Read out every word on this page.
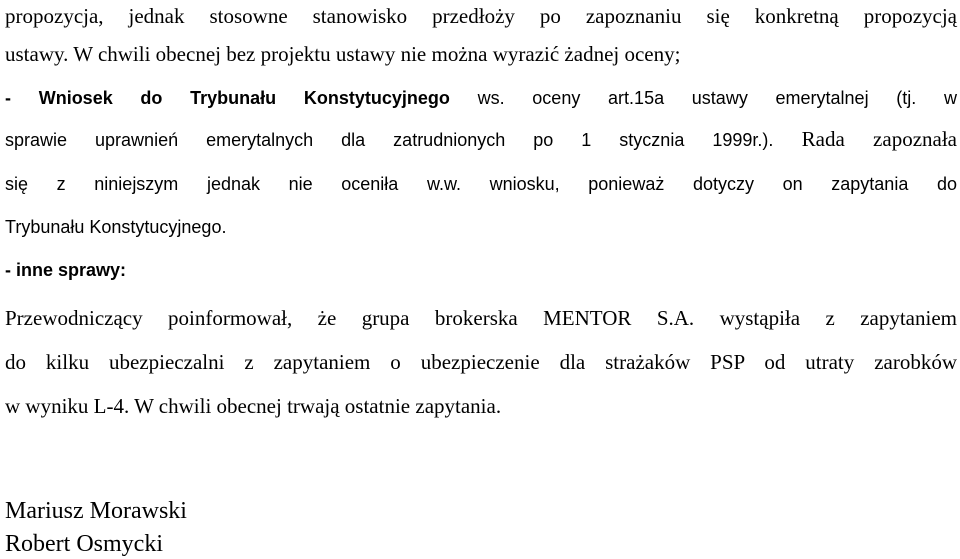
propozycja, jednak stosowne stanowisko przedłoży po zapoznaniu się konkretną propozycją
ustawy. W chwili obecnej bez projektu ustawy nie można wyrazić żadnej oceny;
- Wniosek do Trybunału Konstytucyjnego ws. oceny art.15a ustawy emerytalnej (tj. w
sprawie uprawnień emerytalnych dla zatrudnionych po 1 stycznia 1999r.). Rada zapoznała
się z niniejszym jednak nie oceniła w.w. wniosku, ponieważ dotyczy on zapytania do
Trybunału Konstytucyjnego.
- inne sprawy:
Przewodniczący poinformował, że grupa brokerska MENTOR S.A. wystąpiła z zapytaniem
do kilku ubezpieczalni z zapytaniem o ubezpieczenie dla strażaków PSP od utraty zarobków
w wyniku L-4. W chwili obecnej trwają ostatnie zapytania.
Mariusz Morawski
Robert Osmycki
